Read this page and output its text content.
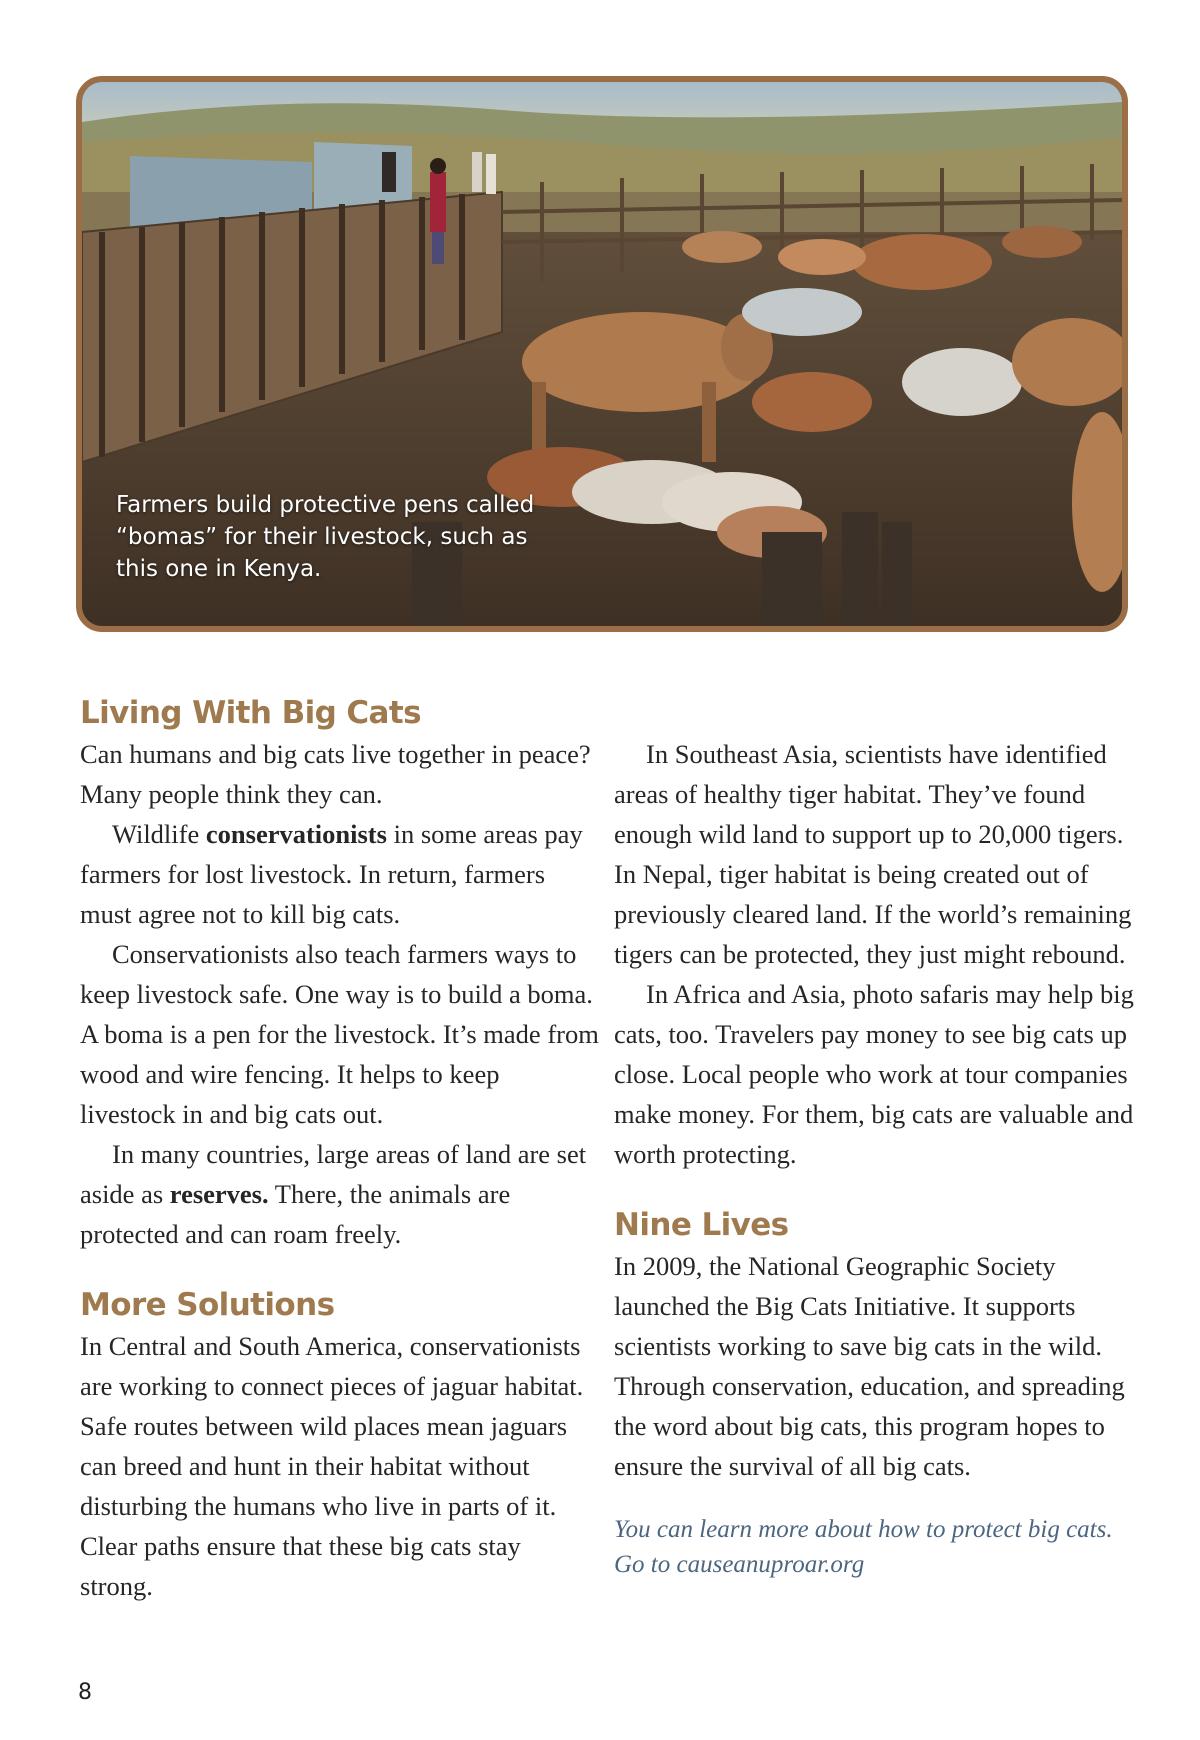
Farmers build protective pens called “bomas” for their livestock, such as this one in Kenya.

Living With Big Cats

Can humans and big cats live together in peace? Many people think they can.

Wildlife conservationists in some areas pay farmers for lost livestock. In return, farmers must agree not to kill big cats.

Conservationists also teach farmers ways to keep livestock safe. One way is to build a boma. A boma is a pen for the livestock. It’s made from wood and wire fencing. It helps to keep livestock in and big cats out.

In many countries, large areas of land are set aside as reserves. There, the animals are protected and can roam freely.

More Solutions

In Central and South America, conservationists are working to connect pieces of jaguar habitat. Safe routes between wild places mean jaguars can breed and hunt in their habitat without disturbing the humans who live in parts of it. Clear paths ensure that these big cats stay strong.

In Southeast Asia, scientists have identified areas of healthy tiger habitat. They’ve found enough wild land to support up to 20,000 tigers. In Nepal, tiger habitat is being created out of previously cleared land. If the world’s remaining tigers can be protected, they just might rebound.

In Africa and Asia, photo safaris may help big cats, too. Travelers pay money to see big cats up close. Local people who work at tour companies make money. For them, big cats are valuable and worth protecting.

Nine Lives

In 2009, the National Geographic Society launched the Big Cats Initiative. It supports scientists working to save big cats in the wild. Through conservation, education, and spreading the word about big cats, this program hopes to ensure the survival of all big cats.

You can learn more about how to protect big cats. Go to causeanuproar.org

8
